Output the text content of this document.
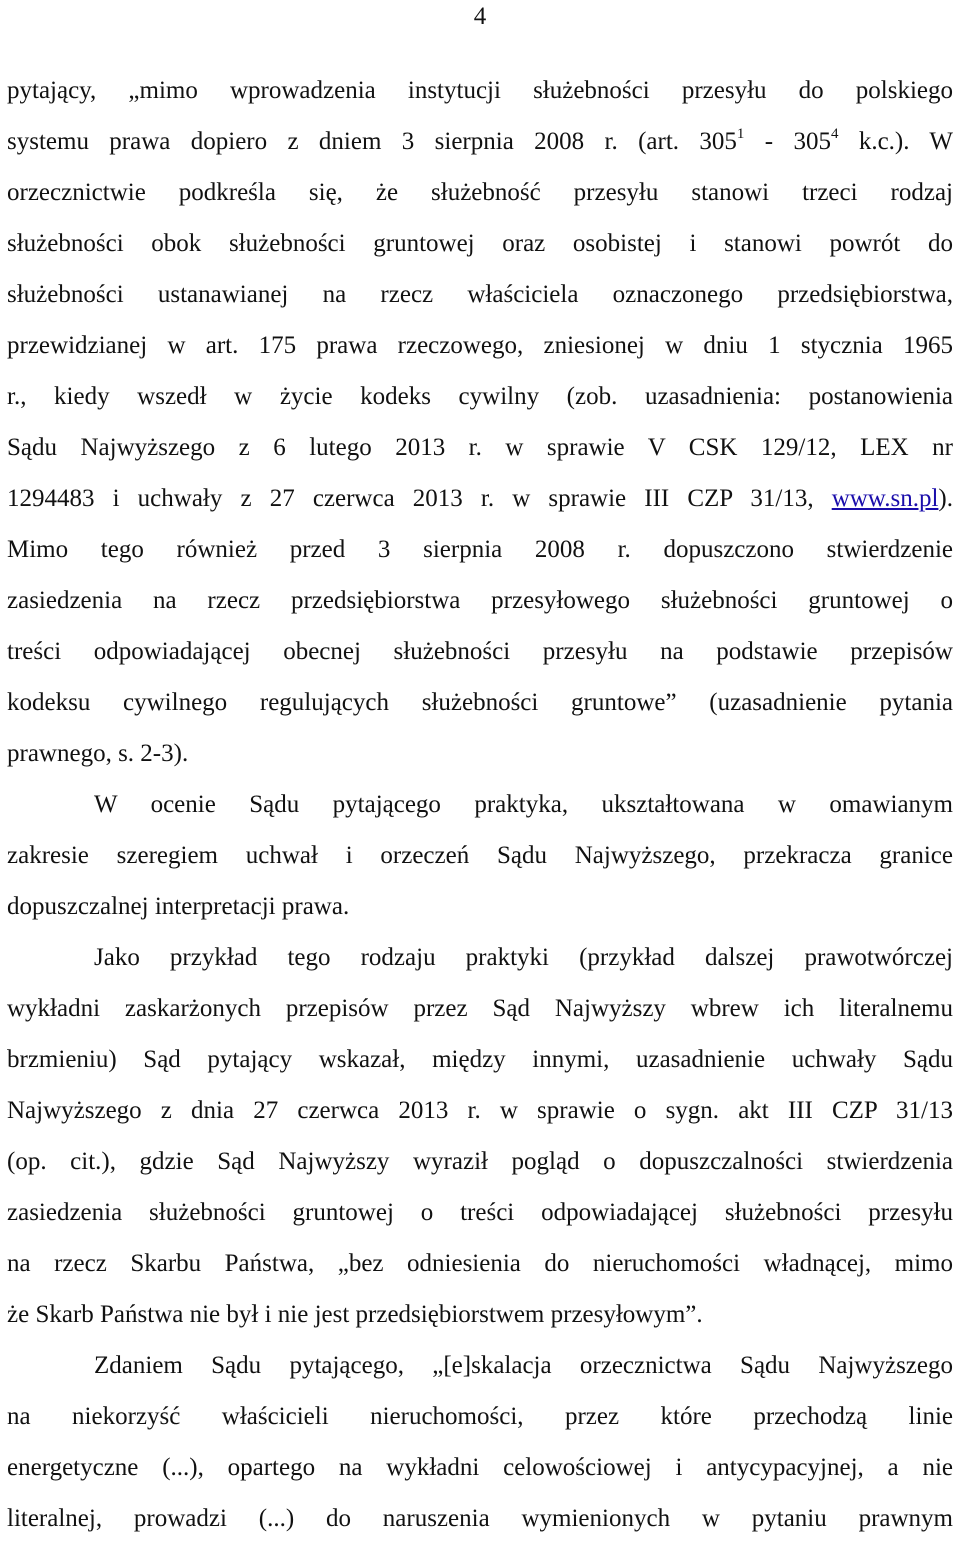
4
pytający, „mimo wprowadzenia instytucji służebności przesyłu do polskiego
systemu prawa dopiero z dniem 3 sierpnia 2008 r. (art. $305^1 - 305^4$ k.c.). W
orzecznictwie podkreśla się, że służebność przesyłu stanowi trzeci rodzaj
służebności obok służebności gruntowej oraz osobistej i stanowi powrót do
służebności ustanawianej na rzecz właściciela oznaczonego przedsiębiorstwa,
przewidzianej w art. 175 prawa rzeczowego, zniesionej w dniu 1 stycznia 1965
r., kiedy wszedł w życie kodeks cywilny (zob. uzasadnienia: postanowienia
Sądu Najwyższego z 6 lutego 2013 r. w sprawie V CSK 129/12, LEX nr
1294483 i uchwały z 27 czerwca 2013 r. w sprawie III CZP 31/13, www.sn.pl).
Mimo tego również przed 3 sierpnia 2008 r. dopuszczono stwierdzenie
zasiedzenia na rzecz przedsiębiorstwa przesyłowego służebności gruntowej o
treści odpowiadającej obecnej służebności przesyłu na podstawie przepisów
kodeksu cywilnego regulujących służebności gruntowe” (uzasadnienie pytania
prawnego, s. 2-3).
W ocenie Sądu pytającego praktyka, ukształtowana w omawianym
zakresie szeregiem uchwał i orzeczeń Sądu Najwyższego, przekracza granice
dopuszczalnej interpretacji prawa.
Jako przykład tego rodzaju praktyki (przykład dalszej prawotwórczej
wykładni zaskarżonych przepisów przez Sąd Najwyższy wbrew ich literalnemu
brzmieniu) Sąd pytający wskazał, między innymi, uzasadnienie uchwały Sądu
Najwyższego z dnia 27 czerwca 2013 r. w sprawie o sygn. akt III CZP 31/13
(op. cit.), gdzie Sąd Najwyższy wyraził pogląd o dopuszczalności stwierdzenia
zasiedzenia służebności gruntowej o treści odpowiadającej służebności przesyłu
na rzecz Skarbu Państwa, „bez odniesienia do nieruchomości władnącej, mimo
że Skarb Państwa nie był i nie jest przedsiębiorstwem przesyłowym”.
Zdaniem Sądu pytającego, „[e]skalacja orzecznictwa Sądu Najwyższego
na niekorzyść właścicieli nieruchomości, przez które przechodzą linie
energetyczne (...), opartego na wykładni celowościowej i antycypacyjnej, a nie
literalnej, prowadzi (...) do naruszenia wymienionych w pytaniu prawnym
